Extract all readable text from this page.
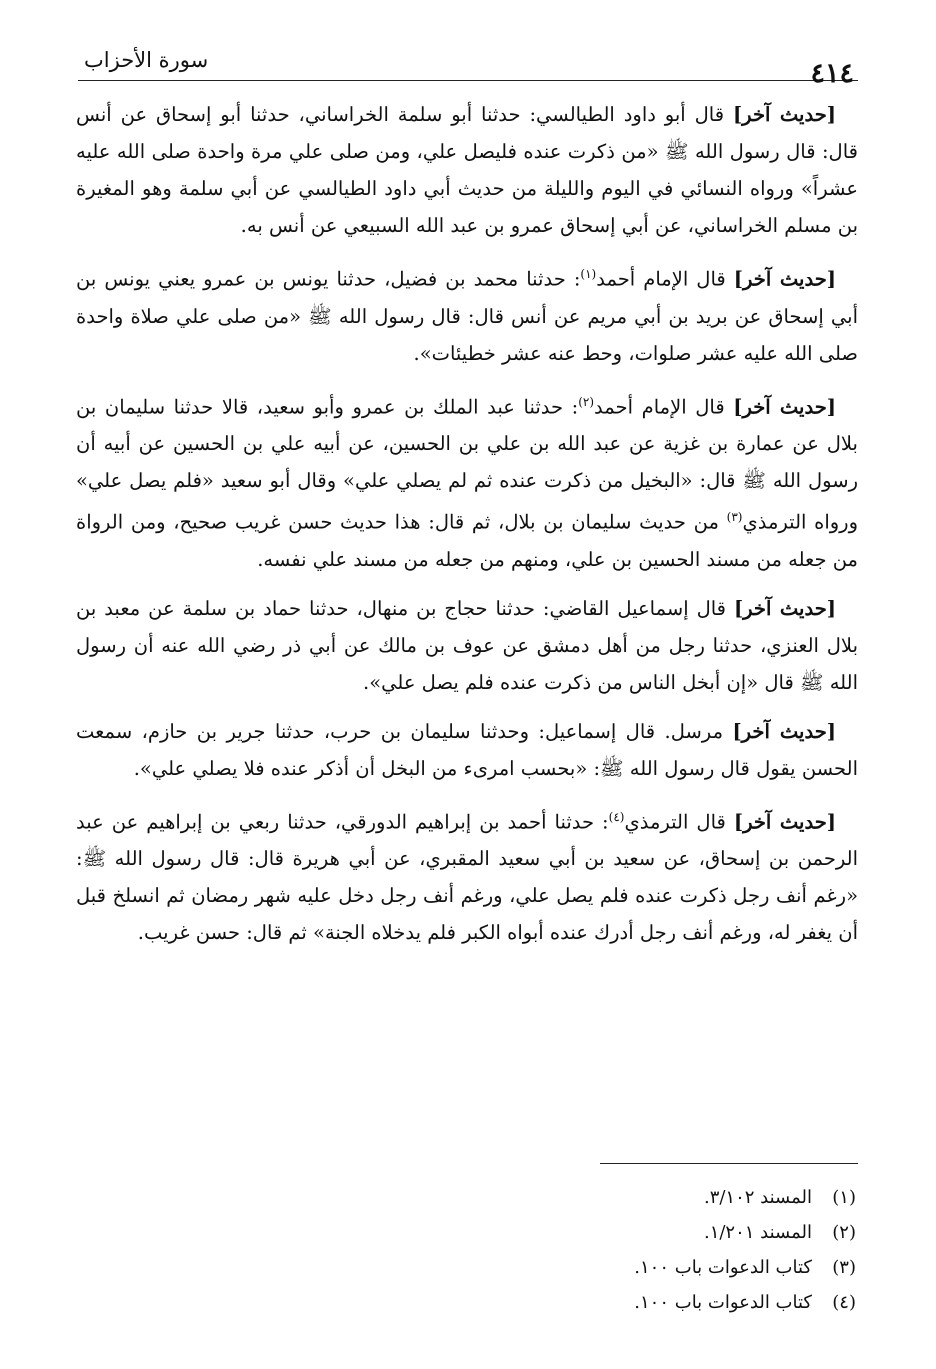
سورة الأحزاب	٤١٤

[حديث آخر] قال أبو داود الطيالسي: حدثنا أبو سلمة الخراساني، حدثنا أبو إسحاق عن أنس قال: قال رسول الله ﷺ «من ذكرت عنده فليصل علي، ومن صلى علي مرة واحدة صلى الله عليه عشراً» ورواه النسائي في اليوم والليلة من حديث أبي داود الطيالسي عن أبي سلمة وهو المغيرة بن مسلم الخراساني، عن أبي إسحاق عمرو بن عبد الله السبيعي عن أنس به.

[حديث آخر] قال الإمام أحمد$^{(١)}$: حدثنا محمد بن فضيل، حدثنا يونس بن عمرو يعني يونس بن أبي إسحاق عن بريد بن أبي مريم عن أنس قال: قال رسول الله ﷺ «من صلى علي صلاة واحدة صلى الله عليه عشر صلوات، وحط عنه عشر خطيئات».

[حديث آخر] قال الإمام أحمد$^{(٢)}$: حدثنا عبد الملك بن عمرو وأبو سعيد، قالا حدثنا سليمان بن بلال عن عمارة بن غزية عن عبد الله بن علي بن الحسين، عن أبيه علي بن الحسين عن أبيه أن رسول الله ﷺ قال: «البخيل من ذكرت عنده ثم لم يصلي علي» وقال أبو سعيد «فلم يصل علي» ورواه الترمذي$^{(٣)}$ من حديث سليمان بن بلال، ثم قال: هذا حديث حسن غريب صحيح، ومن الرواة من جعله من مسند الحسين بن علي، ومنهم من جعله من مسند علي نفسه.

[حديث آخر] قال إسماعيل القاضي: حدثنا حجاج بن منهال، حدثنا حماد بن سلمة عن معبد بن بلال العنزي، حدثنا رجل من أهل دمشق عن عوف بن مالك عن أبي ذر رضي الله عنه أن رسول الله ﷺ قال «إن أبخل الناس من ذكرت عنده فلم يصل علي».

[حديث آخر] مرسل. قال إسماعيل: وحدثنا سليمان بن حرب، حدثنا جرير بن حازم، سمعت الحسن يقول قال رسول الله ﷺ: «بحسب امرىء من البخل أن أذكر عنده فلا يصلي علي».

[حديث آخر] قال الترمذي$^{(٤)}$: حدثنا أحمد بن إبراهيم الدورقي، حدثنا ربعي بن إبراهيم عن عبد الرحمن بن إسحاق، عن سعيد بن أبي سعيد المقبري، عن أبي هريرة قال: قال رسول الله ﷺ: «رغم أنف رجل ذكرت عنده فلم يصل علي، ورغم أنف رجل دخل عليه شهر رمضان ثم انسلخ قبل أن يغفر له، ورغم أنف رجل أدرك عنده أبواه الكبر فلم يدخلاه الجنة» ثم قال: حسن غريب.

(١)المسند ٣/١٠٢.
(٢)المسند ١/٢٠١.
(٣)كتاب الدعوات باب ١٠٠.
(٤)كتاب الدعوات باب ١٠٠.
